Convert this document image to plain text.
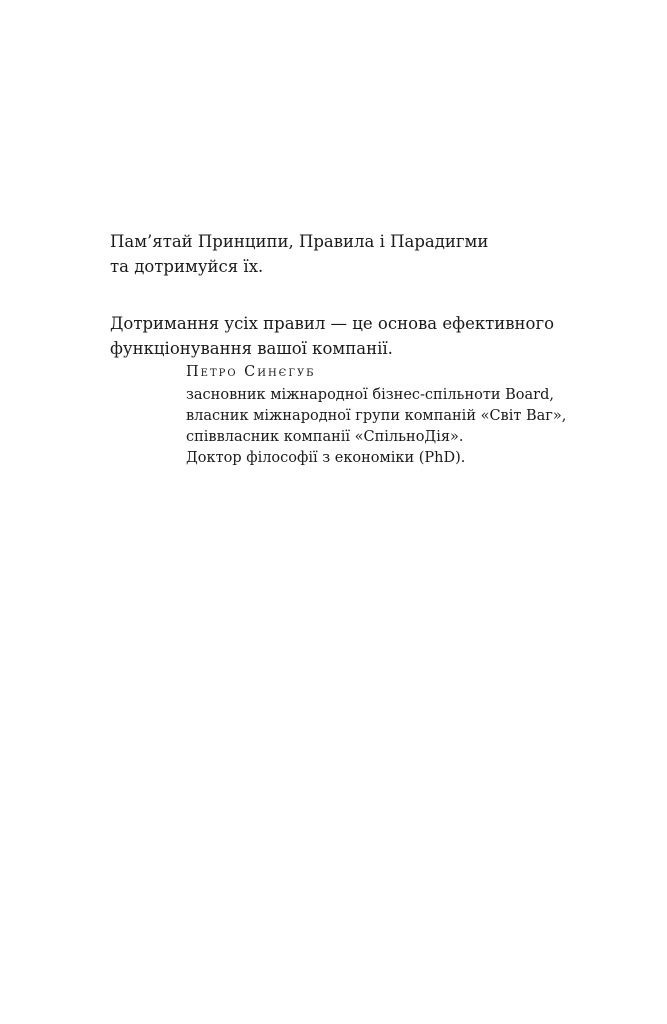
Пам’ятай Принципи, Правила і Парадигми
та дотримуйся їх.

Дотримання усіх правил — це основа ефективного
функціонування вашої компанії.

Петро Синєгуб
засновник міжнародної бізнес-спільноти Board,
власник міжнародної групи компаній «Світ Ваг»,
співвласник компанії «СпільноДія».
Доктор філософії з економіки (PhD).
